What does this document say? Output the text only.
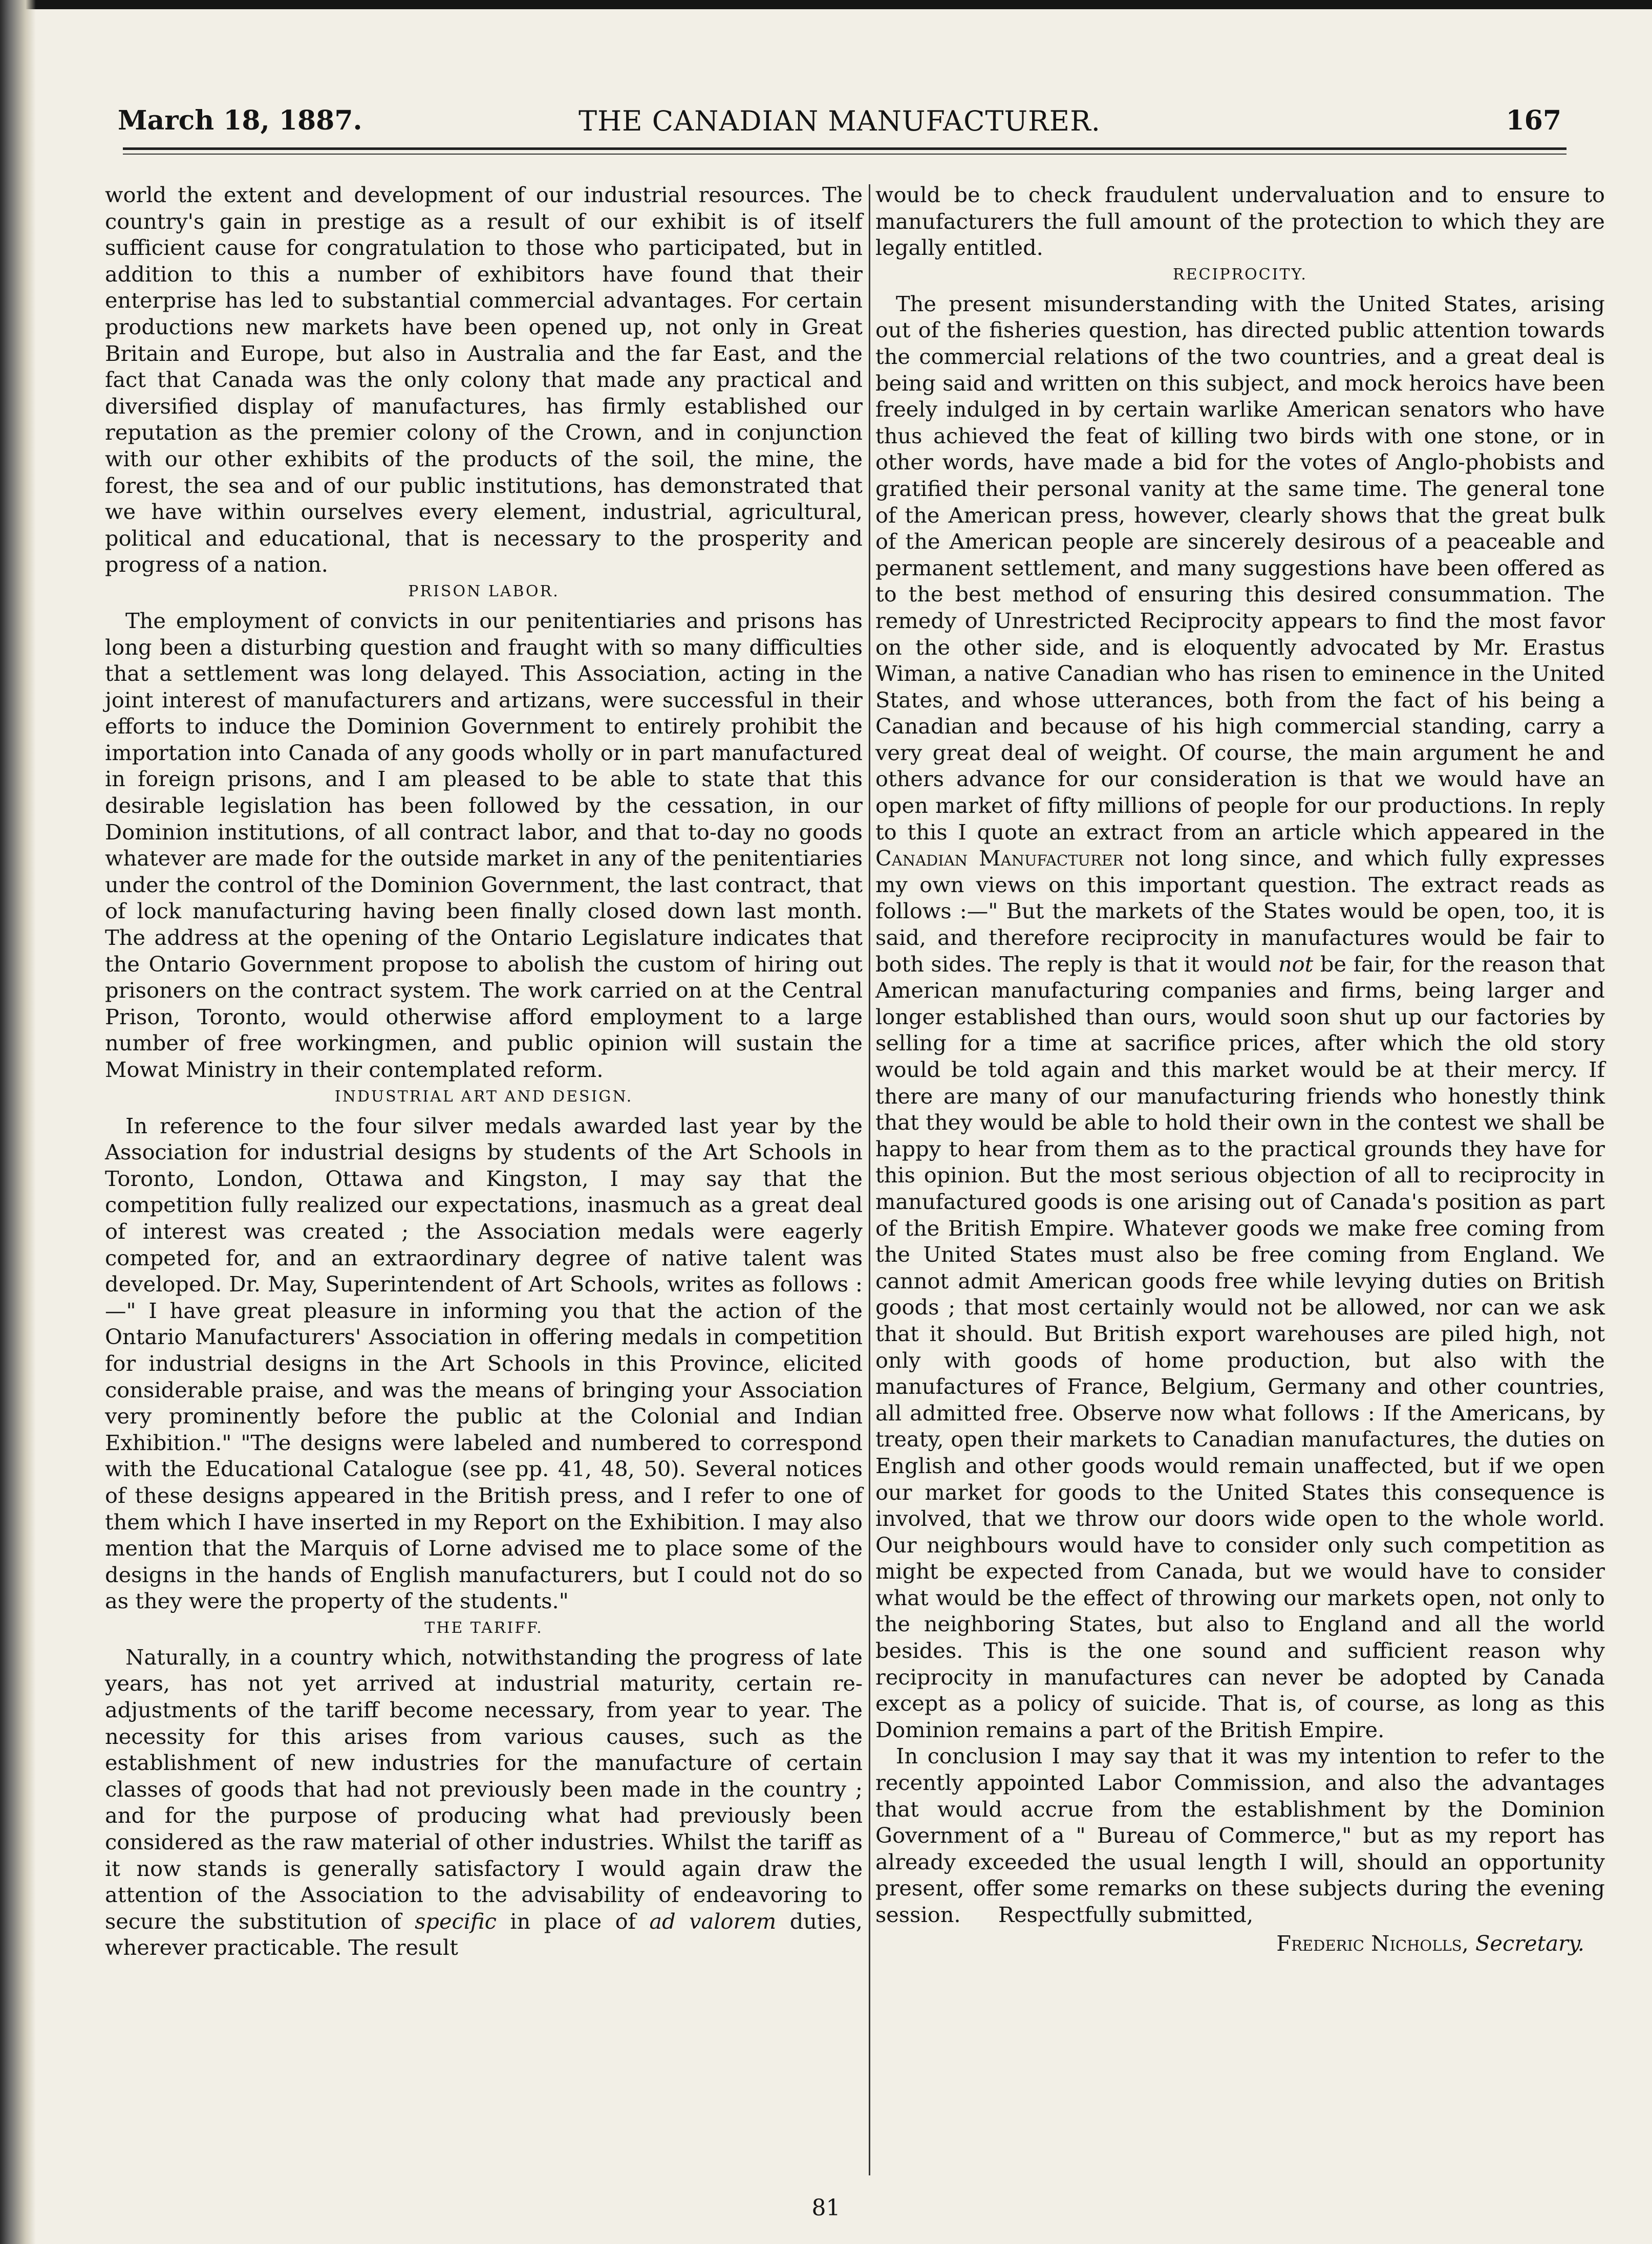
March 18, 1887.	THE CANADIAN MANUFACTURER.	167

world the extent and development of our industrial resources. The country's gain in prestige as a result of our exhibit is of itself sufficient cause for congratulation to those who participated, but in addition to this a number of exhibitors have found that their enterprise has led to substantial commercial advantages. For certain productions new markets have been opened up, not only in Great Britain and Europe, but also in Australia and the far East, and the fact that Canada was the only colony that made any practical and diversified display of manufactures, has firmly established our reputation as the premier colony of the Crown, and in conjunction with our other exhibits of the products of the soil, the mine, the forest, the sea and of our public institutions, has demonstrated that we have within ourselves every element, industrial, agricultural, political and educational, that is necessary to the prosperity and progress of a nation.

PRISON LABOR.

The employment of convicts in our penitentiaries and prisons has long been a disturbing question and fraught with so many difficulties that a settlement was long delayed. This Association, acting in the joint interest of manufacturers and artizans, were successful in their efforts to induce the Dominion Government to entirely prohibit the importation into Canada of any goods wholly or in part manufactured in foreign prisons, and I am pleased to be able to state that this desirable legislation has been followed by the cessation, in our Dominion institutions, of all contract labor, and that to-day no goods whatever are made for the outside market in any of the penitentiaries under the control of the Dominion Government, the last contract, that of lock manufacturing having been finally closed down last month. The address at the opening of the Ontario Legislature indicates that the Ontario Government propose to abolish the custom of hiring out prisoners on the contract system. The work carried on at the Central Prison, Toronto, would otherwise afford employment to a large number of free workingmen, and public opinion will sustain the Mowat Ministry in their contemplated reform.

INDUSTRIAL ART AND DESIGN.

In reference to the four silver medals awarded last year by the Association for industrial designs by students of the Art Schools in Toronto, London, Ottawa and Kingston, I may say that the competition fully realized our expectations, inasmuch as a great deal of interest was created ; the Association medals were eagerly competed for, and an extraordinary degree of native talent was developed. Dr. May, Superintendent of Art Schools, writes as follows :—" I have great pleasure in informing you that the action of the Ontario Manufacturers' Association in offering medals in competition for industrial designs in the Art Schools in this Province, elicited considerable praise, and was the means of bringing your Association very prominently before the public at the Colonial and Indian Exhibition." "The designs were labeled and numbered to correspond with the Educational Catalogue (see pp. 41, 48, 50). Several notices of these designs appeared in the British press, and I refer to one of them which I have inserted in my Report on the Exhibition. I may also mention that the Marquis of Lorne advised me to place some of the designs in the hands of English manufacturers, but I could not do so as they were the property of the students."

THE TARIFF.

Naturally, in a country which, notwithstanding the progress of late years, has not yet arrived at industrial maturity, certain re-adjustments of the tariff become necessary, from year to year. The necessity for this arises from various causes, such as the establishment of new industries for the manufacture of certain classes of goods that had not previously been made in the country ; and for the purpose of producing what had previously been considered as the raw material of other industries. Whilst the tariff as it now stands is generally satisfactory I would again draw the attention of the Association to the advisability of endeavoring to secure the substitution of specific in place of ad valorem duties, wherever practicable. The result

would be to check fraudulent undervaluation and to ensure to manufacturers the full amount of the protection to which they are legally entitled.

RECIPROCITY.

The present misunderstanding with the United States, arising out of the fisheries question, has directed public attention towards the commercial relations of the two countries, and a great deal is being said and written on this subject, and mock heroics have been freely indulged in by certain warlike American senators who have thus achieved the feat of killing two birds with one stone, or in other words, have made a bid for the votes of Anglo-phobists and gratified their personal vanity at the same time. The general tone of the American press, however, clearly shows that the great bulk of the American people are sincerely desirous of a peaceable and permanent settlement, and many suggestions have been offered as to the best method of ensuring this desired consummation. The remedy of Unrestricted Reciprocity appears to find the most favor on the other side, and is eloquently advocated by Mr. Erastus Wiman, a native Canadian who has risen to eminence in the United States, and whose utterances, both from the fact of his being a Canadian and because of his high commercial standing, carry a very great deal of weight. Of course, the main argument he and others advance for our consideration is that we would have an open market of fifty millions of people for our productions. In reply to this I quote an extract from an article which appeared in the Canadian Manufacturer not long since, and which fully expresses my own views on this important question. The extract reads as follows :—" But the markets of the States would be open, too, it is said, and therefore reciprocity in manufactures would be fair to both sides. The reply is that it would not be fair, for the reason that American manufacturing companies and firms, being larger and longer established than ours, would soon shut up our factories by selling for a time at sacrifice prices, after which the old story would be told again and this market would be at their mercy. If there are many of our manufacturing friends who honestly think that they would be able to hold their own in the contest we shall be happy to hear from them as to the practical grounds they have for this opinion. But the most serious objection of all to reciprocity in manufactured goods is one arising out of Canada's position as part of the British Empire. Whatever goods we make free coming from the United States must also be free coming from England. We cannot admit American goods free while levying duties on British goods ; that most certainly would not be allowed, nor can we ask that it should. But British export warehouses are piled high, not only with goods of home production, but also with the manufactures of France, Belgium, Germany and other countries, all admitted free. Observe now what follows : If the Americans, by treaty, open their markets to Canadian manufactures, the duties on English and other goods would remain unaffected, but if we open our market for goods to the United States this consequence is involved, that we throw our doors wide open to the whole world. Our neighbours would have to consider only such competition as might be expected from Canada, but we would have to consider what would be the effect of throwing our markets open, not only to the neighboring States, but also to England and all the world besides. This is the one sound and sufficient reason why reciprocity in manufactures can never be adopted by Canada except as a policy of suicide. That is, of course, as long as this Dominion remains a part of the British Empire.

In conclusion I may say that it was my intention to refer to the recently appointed Labor Commission, and also the advantages that would accrue from the establishment by the Dominion Government of a " Bureau of Commerce," but as my report has already exceeded the usual length I will, should an opportunity present, offer some remarks on these subjects during the evening session. Respectfully submitted,

Frederic Nicholls, Secretary.
81
